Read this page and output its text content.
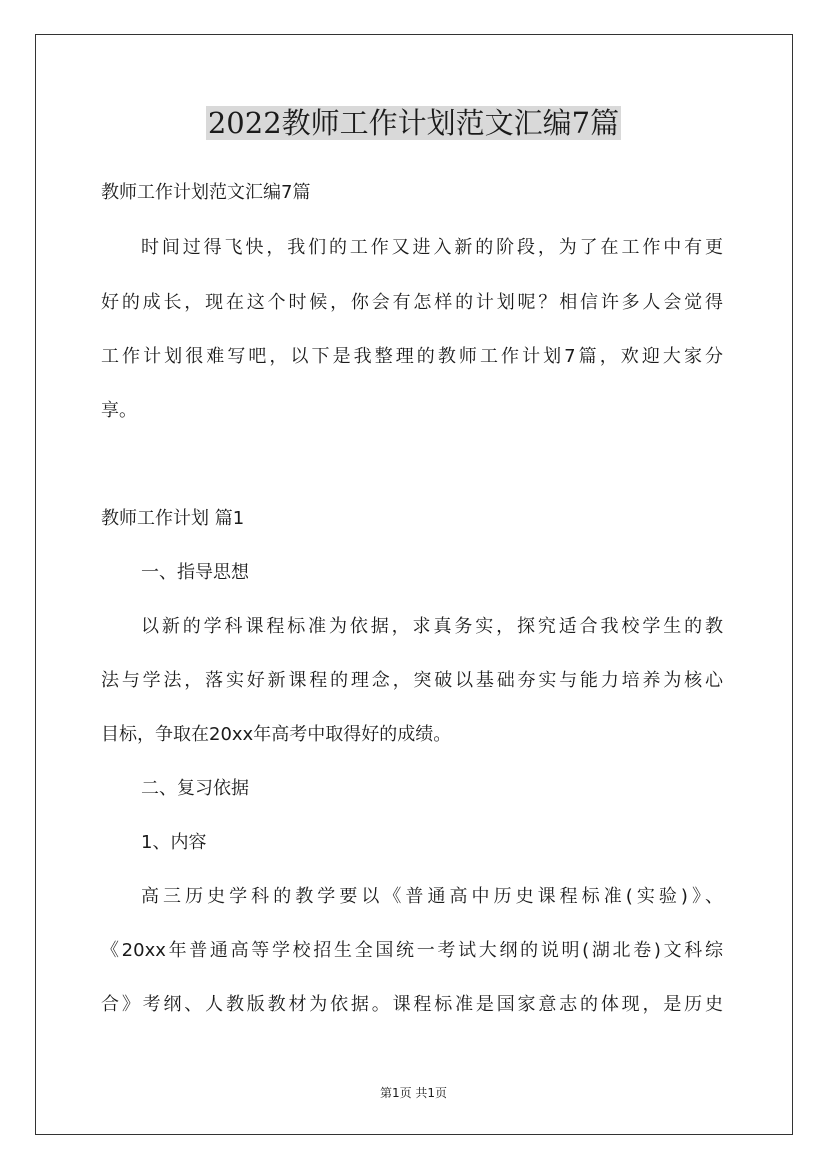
2022教师工作计划范文汇编7篇
教师工作计划范文汇编7篇
时间过得飞快，我们的工作又进入新的阶段，为了在工作中有更
好的成长，现在这个时候，你会有怎样的计划呢？相信许多人会觉得
工作计划很难写吧，以下是我整理的教师工作计划7篇，欢迎大家分
享。
教师工作计划 篇1
一、指导思想
以新的学科课程标准为依据，求真务实，探究适合我校学生的教
法与学法，落实好新课程的理念，突破以基础夯实与能力培养为核心
目标，争取在20xx年高考中取得好的成绩。
二、复习依据
1、内容
高三历史学科的教学要以《普通高中历史课程标准(实验)》、
《20xx年普通高等学校招生全国统一考试大纲的说明(湖北卷)文科综
合》考纲、人教版教材为依据。课程标准是国家意志的体现，是历史
第1页 共1页
